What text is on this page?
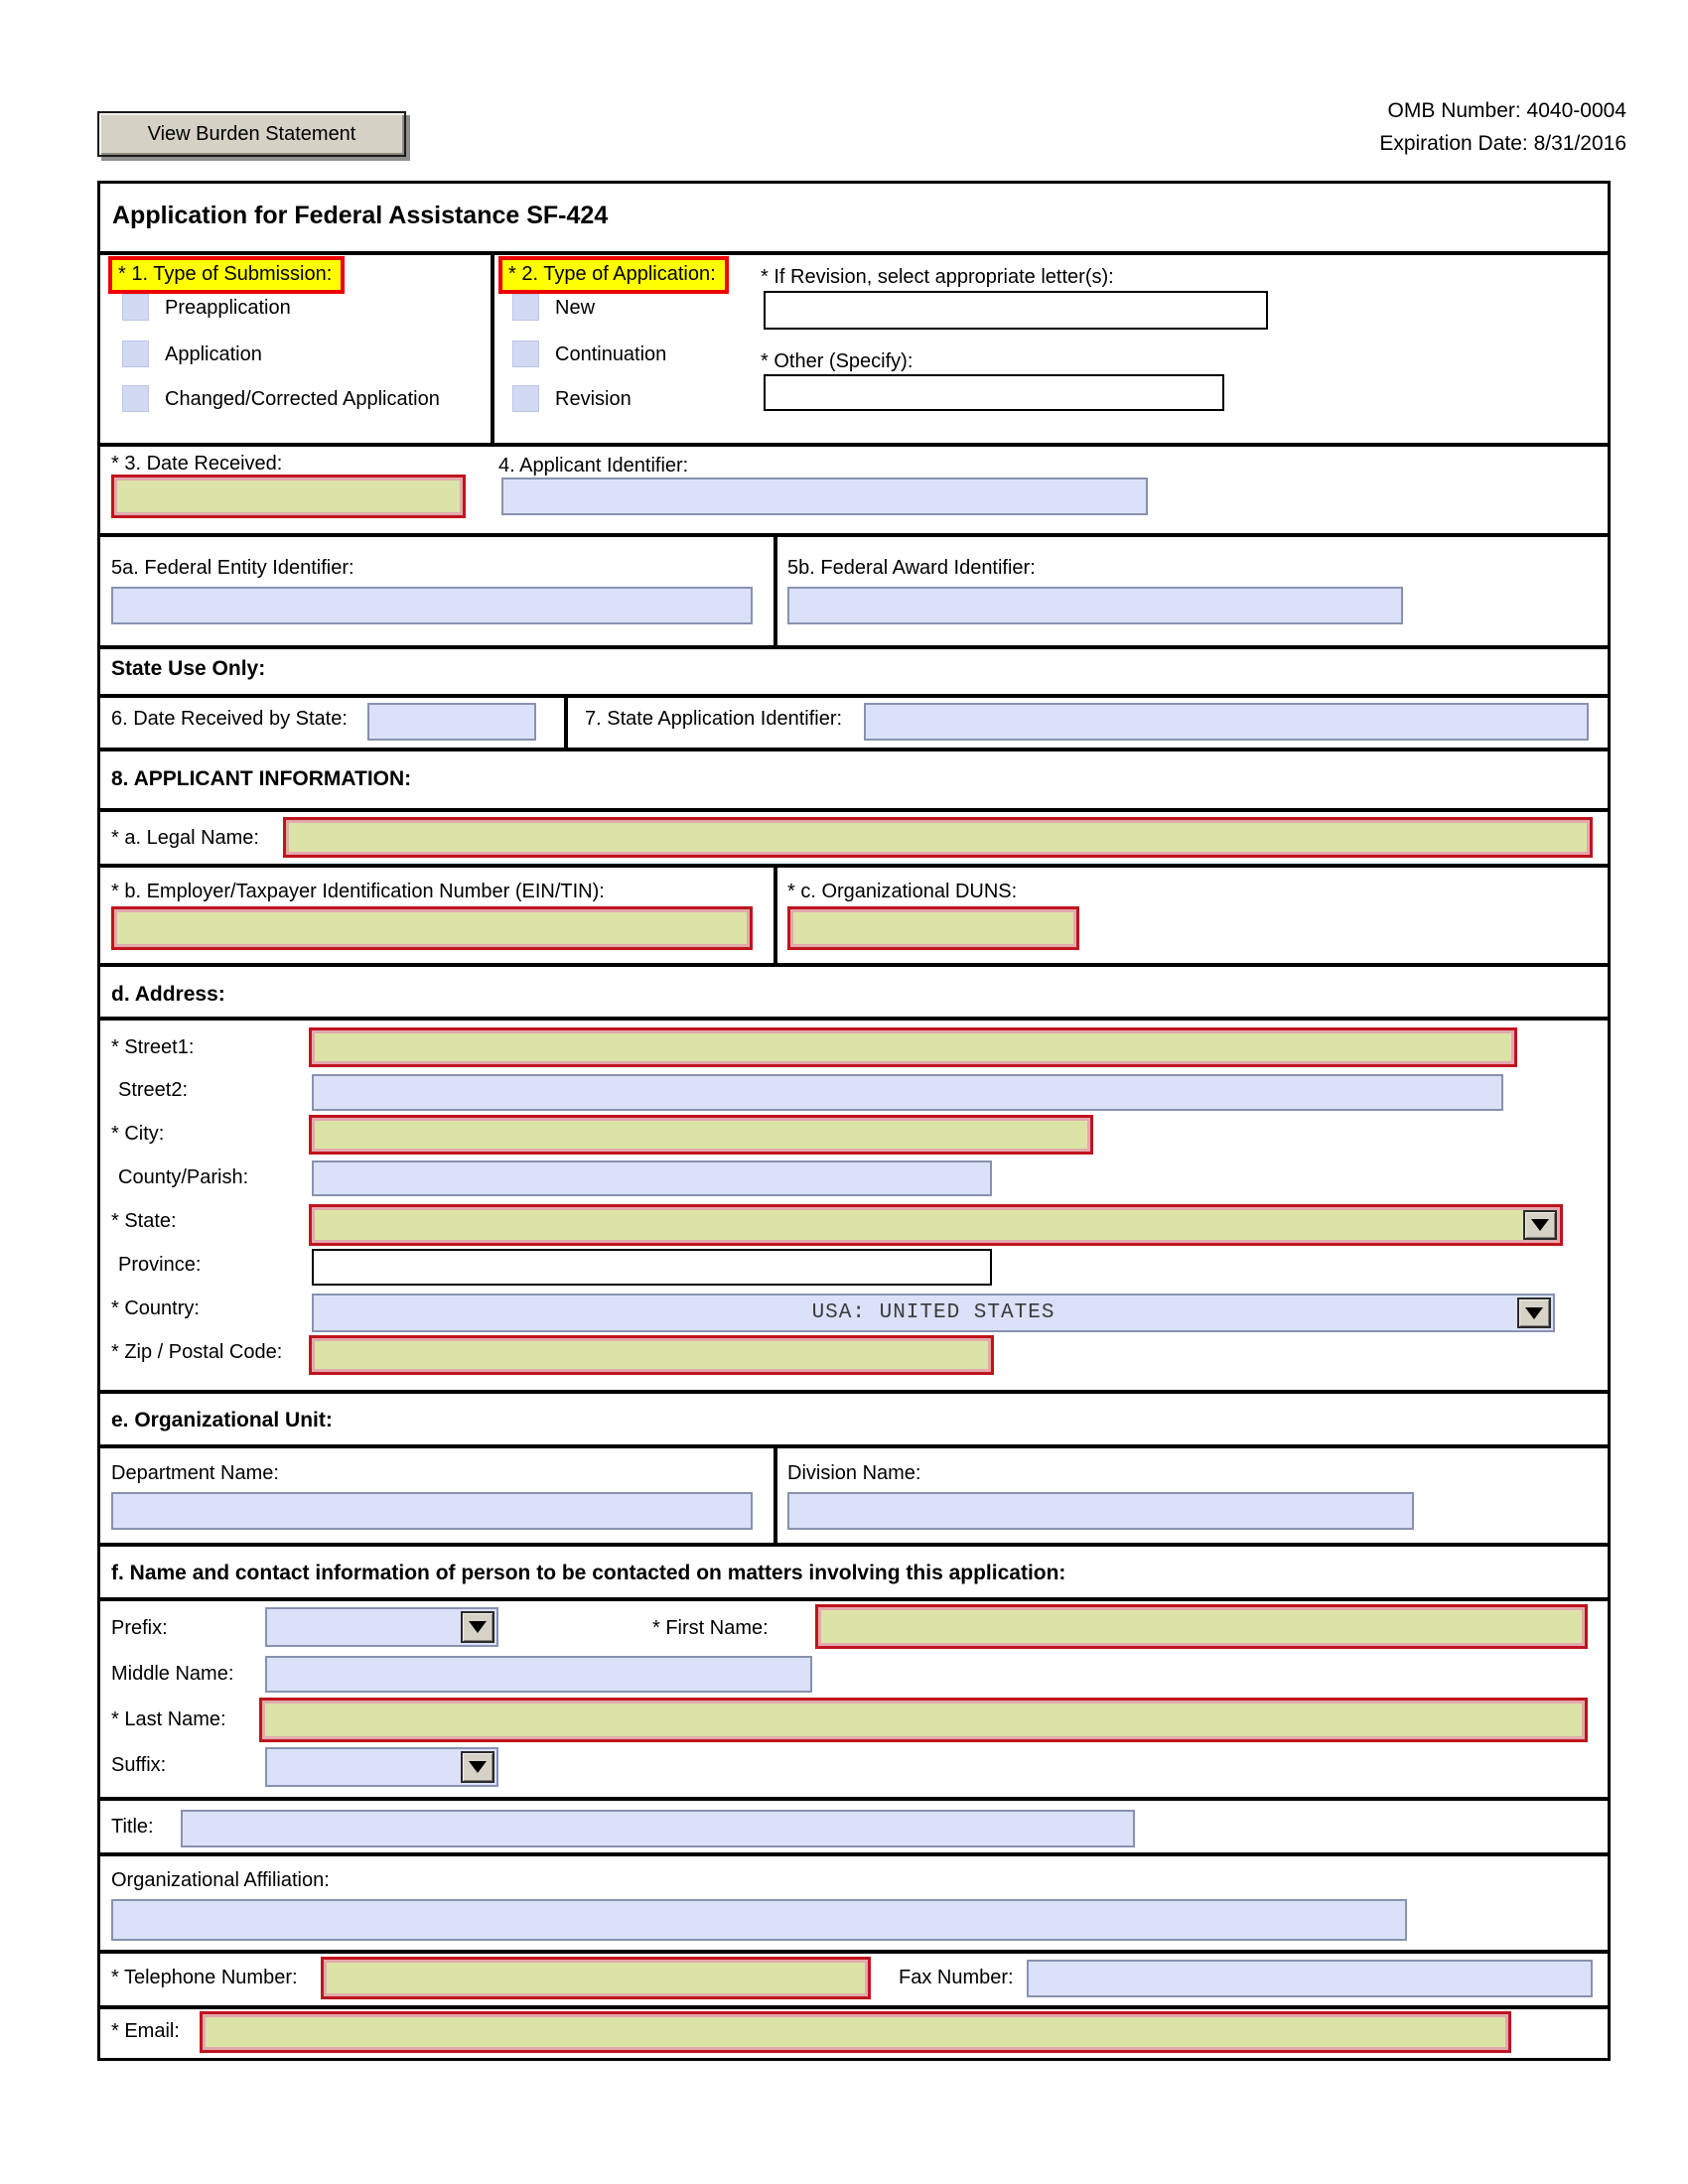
View Burden Statement
OMB Number: 4040-0004
Expiration Date: 8/31/2016
Application for Federal Assistance SF-424
* 1. Type of Submission:
Preapplication
Application
Changed/Corrected Application
* 2. Type of Application:
New
Continuation
Revision
* If Revision, select appropriate letter(s):
* Other (Specify):
* 3. Date Received:	4. Applicant Identifier:
5a. Federal Entity Identifier:	5b. Federal Award Identifier:
State Use Only:
6. Date Received by State:	7. State Application Identifier:
8. APPLICANT INFORMATION:
* a. Legal Name:
* b. Employer/Taxpayer Identification Number (EIN/TIN):	* c. Organizational DUNS:
d. Address:
* Street1:
Street2:
* City:
County/Parish:
* State:
Province:
* Country:	USA: UNITED STATES
* Zip / Postal Code:
e. Organizational Unit:
Department Name:	Division Name:
f. Name and contact information of person to be contacted on matters involving this application:
Prefix:	* First Name:
Middle Name:
* Last Name:
Suffix:
Title:
Organizational Affiliation:
* Telephone Number:	Fax Number:
* Email:
